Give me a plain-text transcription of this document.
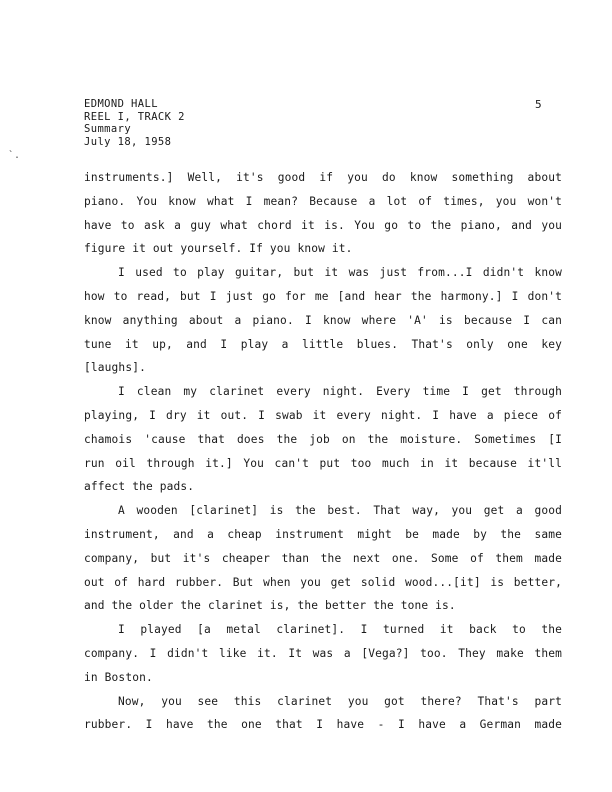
EDMOND HALL
REEL I, TRACK 2
Summary
July 18, 1958
5
`.
instruments.] Well, it's good if you do know something about
piano. You know what I mean? Because a lot of times, you won't
have to ask a guy what chord it is. You go to the piano, and you
figure it out yourself. If you know it.
I used to play guitar, but it was just from...I didn't know
how to read, but I just go for me [and hear the harmony.] I don't
know anything about a piano. I know where 'A' is because I can
tune it up, and I play a little blues. That's only one key
[laughs].
I clean my clarinet every night. Every time I get through
playing, I dry it out. I swab it every night. I have a piece of
chamois 'cause that does the job on the moisture. Sometimes [I
run oil through it.] You can't put too much in it because it'll
affect the pads.
A wooden [clarinet] is the best. That way, you get a good
instrument, and a cheap instrument might be made by the same
company, but it's cheaper than the next one. Some of them made
out of hard rubber. But when you get solid wood...[it] is better,
and the older the clarinet is, the better the tone is.
I played [a metal clarinet]. I turned it back to the
company. I didn't like it. It was a [Vega?] too. They make them
in Boston.
Now, you see this clarinet you got there? That's part
rubber. I have the one that I have - I have a German made
